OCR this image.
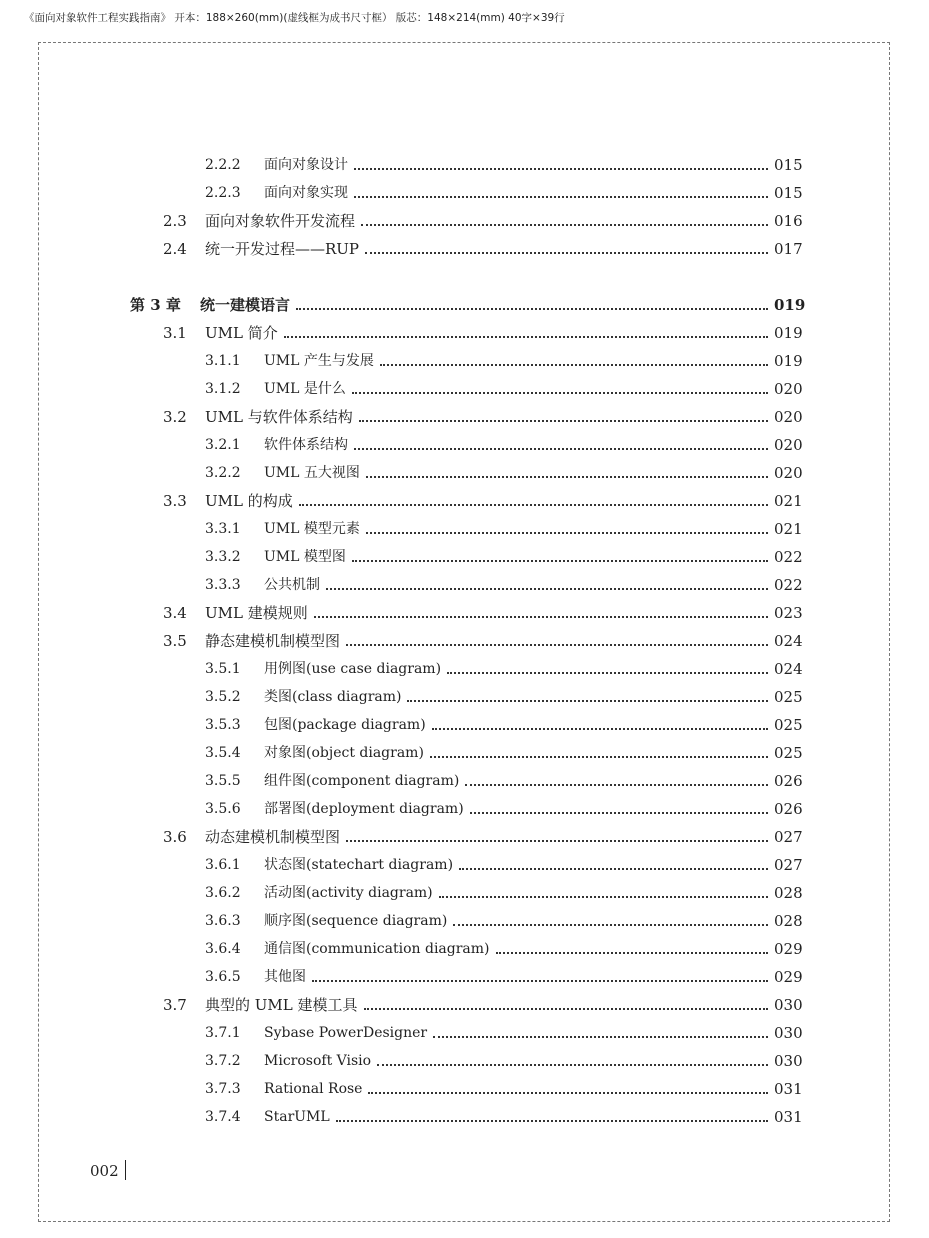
《面向对象软件工程实践指南》 开本：188×260(mm)(虚线框为成书尺寸框） 版芯：148×214(mm) 40字×39行
2.2.2	面向对象设计	015
2.2.3	面向对象实现	015
2.3	面向对象软件开发流程	016
2.4	统一开发过程——RUP	017
第 3 章	统一建模语言	019
3.1	UML 简介	019
3.1.1	UML 产生与发展	019
3.1.2	UML 是什么	020
3.2	UML 与软件体系结构	020
3.2.1	软件体系结构	020
3.2.2	UML 五大视图	020
3.3	UML 的构成	021
3.3.1	UML 模型元素	021
3.3.2	UML 模型图	022
3.3.3	公共机制	022
3.4	UML 建模规则	023
3.5	静态建模机制模型图	024
3.5.1	用例图(use case diagram)	024
3.5.2	类图(class diagram)	025
3.5.3	包图(package diagram)	025
3.5.4	对象图(object diagram)	025
3.5.5	组件图(component diagram)	026
3.5.6	部署图(deployment diagram)	026
3.6	动态建模机制模型图	027
3.6.1	状态图(statechart diagram)	027
3.6.2	活动图(activity diagram)	028
3.6.3	顺序图(sequence diagram)	028
3.6.4	通信图(communication diagram)	029
3.6.5	其他图	029
3.7	典型的 UML 建模工具	030
3.7.1	Sybase PowerDesigner	030
3.7.2	Microsoft Visio	030
3.7.3	Rational Rose	031
3.7.4	StarUML	031
002
